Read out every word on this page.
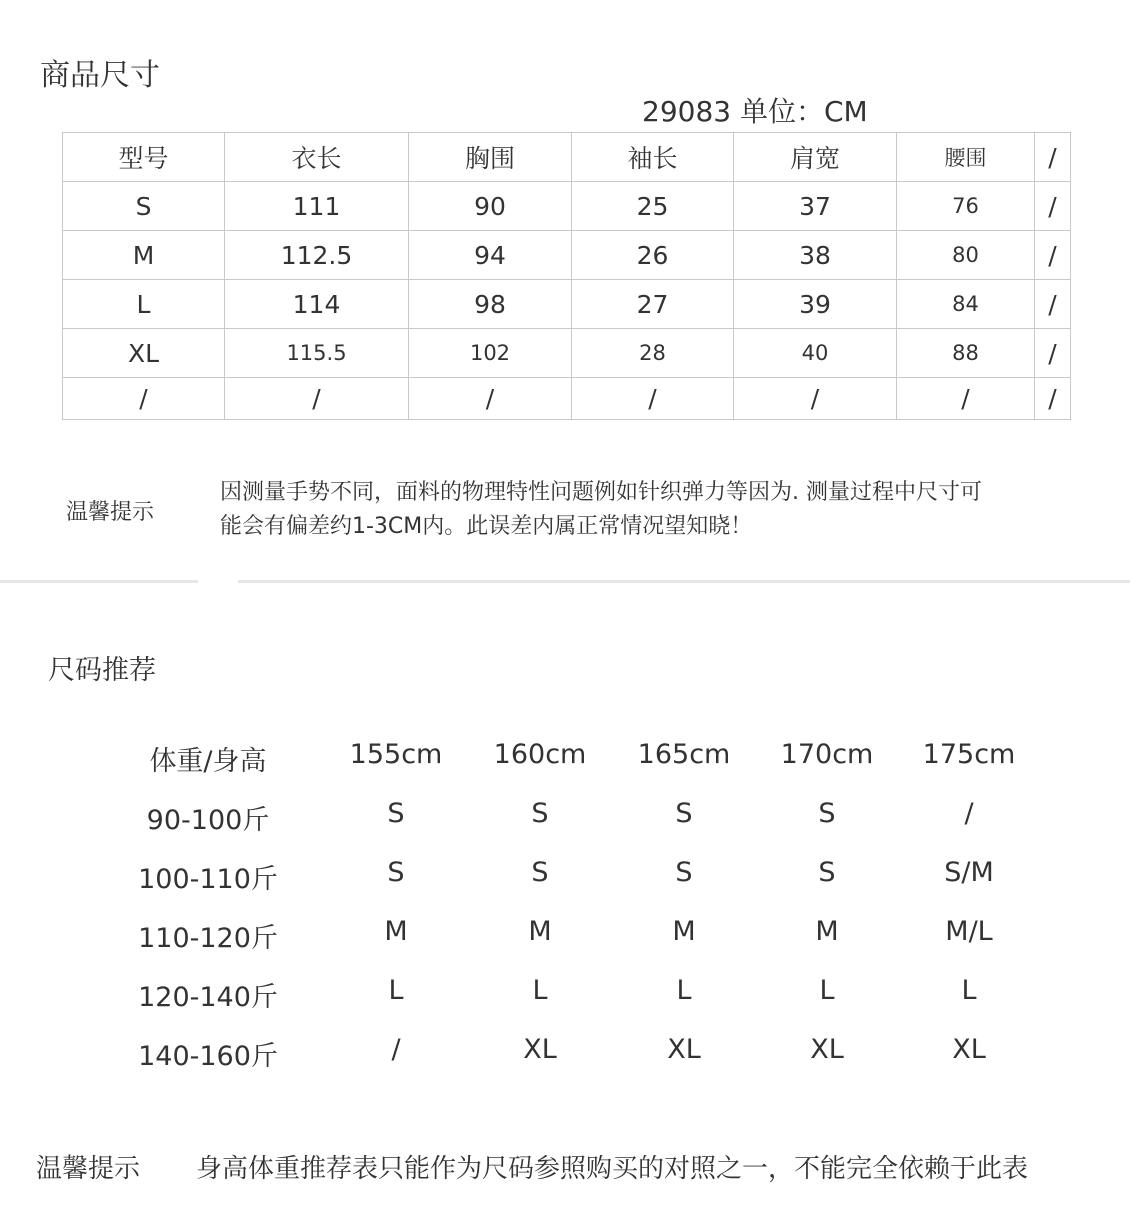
商品尺寸
29083 单位：CM
型号	衣长	胸围	袖长	肩宽	腰围	/
S	111	90	25	37	76	/
M	112.5	94	26	38	80	/
L	114	98	27	39	84	/
XL	115.5	102	28	40	88	/
/	/	/	/	/	/	/
温馨提示
因测量手势不同，面料的物理特性问题例如针织弹力等因为. 测量过程中尺寸可
能会有偏差约1-3CM内。此误差内属正常情况望知晓！
尺码推荐
体重/身高	155cm	160cm	165cm	170cm	175cm
90-100斤	S	S	S	S	/
100-110斤	S	S	S	S	S/M
110-120斤	M	M	M	M	M/L
120-140斤	L	L	L	L	L
140-160斤	/	XL	XL	XL	XL
温馨提示 身高体重推荐表只能作为尺码参照购买的对照之一，不能完全依赖于此表
